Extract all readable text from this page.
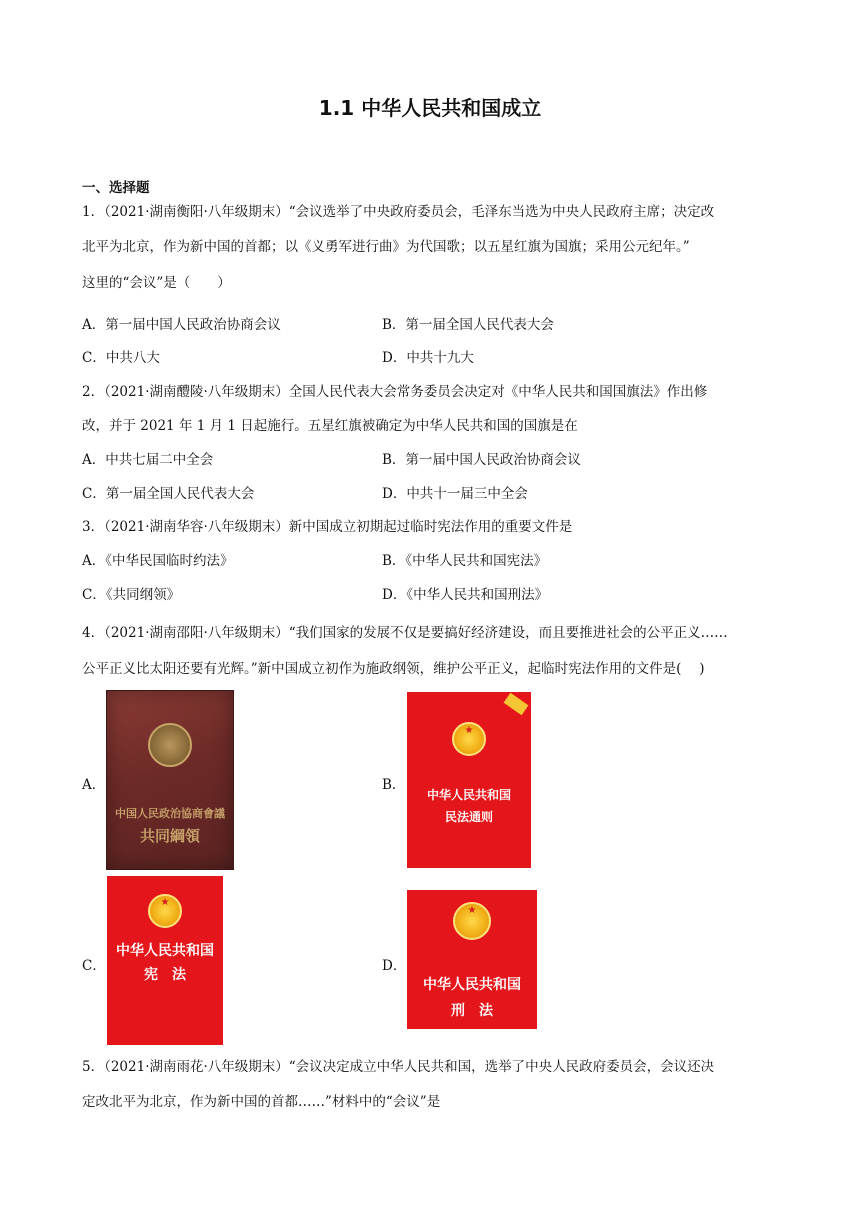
1.1 中华人民共和国成立
一、选择题
1．（2021·湖南衡阳·八年级期末）“会议选举了中央政府委员会，毛泽东当选为中央人民政府主席；决定改
北平为北京，作为新中国的首都；以《义勇军进行曲》为代国歌；以五星红旗为国旗；采用公元纪年。”
这里的“会议”是（　　）
A．第一届中国人民政治协商会议	B．第一届全国人民代表大会
C．中共八大	D．中共十九大
2．（2021·湖南醴陵·八年级期末）全国人民代表大会常务委员会决定对《中华人民共和国国旗法》作出修
改，并于 2021 年 1 月 1 日起施行。五星红旗被确定为中华人民共和国的国旗是在
A．中共七届二中全会	B．第一届中国人民政治协商会议
C．第一届全国人民代表大会	D．中共十一届三中全会
3．（2021·湖南华容·八年级期末）新中国成立初期起过临时宪法作用的重要文件是
A．《中华民国临时约法》	B．《中华人民共和国宪法》
C．《共同纲领》	D．《中华人民共和国刑法》
4．（2021·湖南邵阳·八年级期末）“我们国家的发展不仅是要搞好经济建设，而且要推进社会的公平正义……
公平正义比太阳还要有光辉。”新中国成立初作为施政纲领，维护公平正义，起临时宪法作用的文件是(　 )
A．
中国人民政治協商會議
共同綱領
B．
★
中华人民共和国
民法通则
C．
★
中华人民共和国
宪　法
D．
★
中华人民共和国
刑　法
5．（2021·湖南雨花·八年级期末）“会议决定成立中华人民共和国，选举了中央人民政府委员会，会议还决
定改北平为北京，作为新中国的首都……”材料中的“会议”是
